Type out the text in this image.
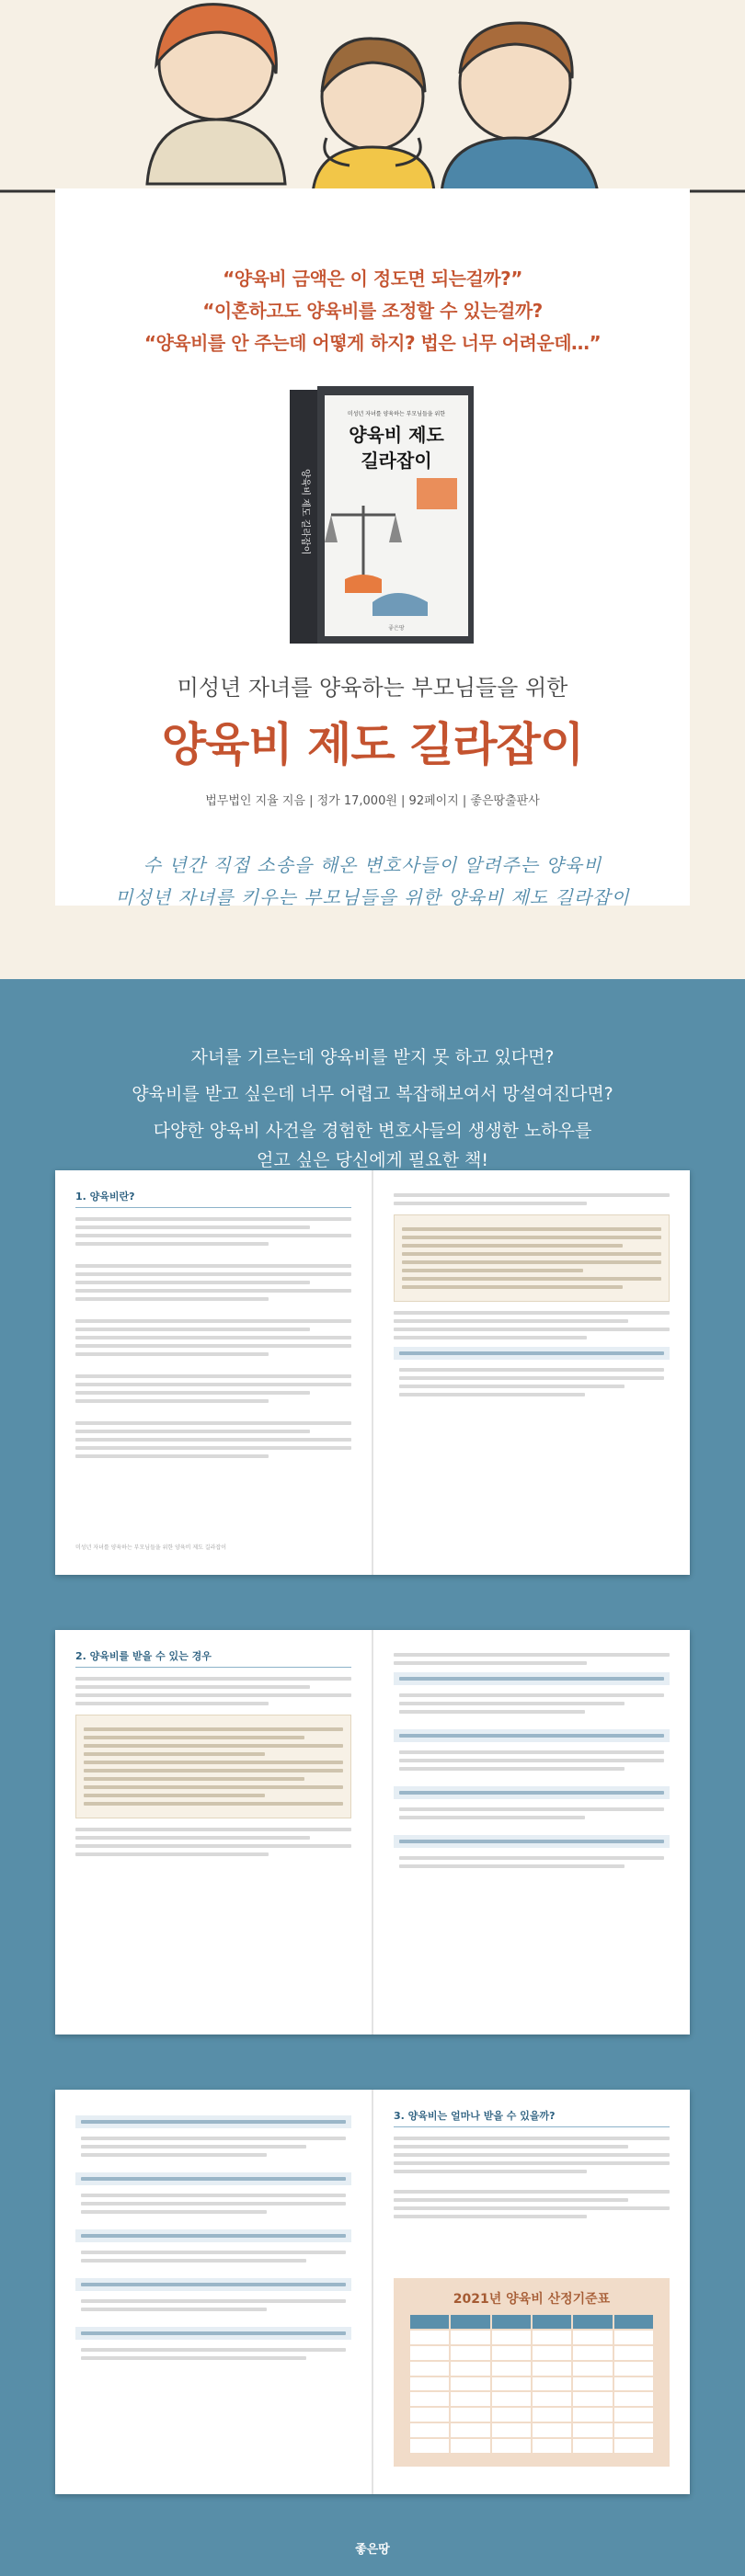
“양육비 금액은 이 정도면 되는걸까?”
“이혼하고도 양육비를 조정할 수 있는걸까?
“양육비를 안 주는데 어떻게 하지? 법은 너무 어려운데…”
양육비 제도 길라잡이
미성년 자녀를 양육하는 부모님들을 위한
양육비 제도
길라잡이
좋은땅
미성년 자녀를 양육하는 부모님들을 위한
양육비 제도 길라잡이
법무법인 지율 지음 | 정가 17,000원 | 92페이지 | 좋은땅출판사
수 년간 직접 소송을 해온 변호사들이 알려주는 양육비
미성년 자녀를 키우는 부모님들을 위한 양육비 제도 길라잡이
자녀를 기르는데 양육비를 받지 못 하고 있다면?
양육비를 받고 싶은데 너무 어렵고 복잡해보여서 망설여진다면?
다양한 양육비 사건을 경험한 변호사들의 생생한 노하우를
얻고 싶은 당신에게 필요한 책!
1. 양육비란?
미성년 자녀를 양육하는 부모님들을 위한 양육비 제도 길라잡이
2. 양육비를 받을 수 있는 경우
3. 양육비는 얼마나 받을 수 있을까?
2021년 양육비 산정기준표
좋은땅
